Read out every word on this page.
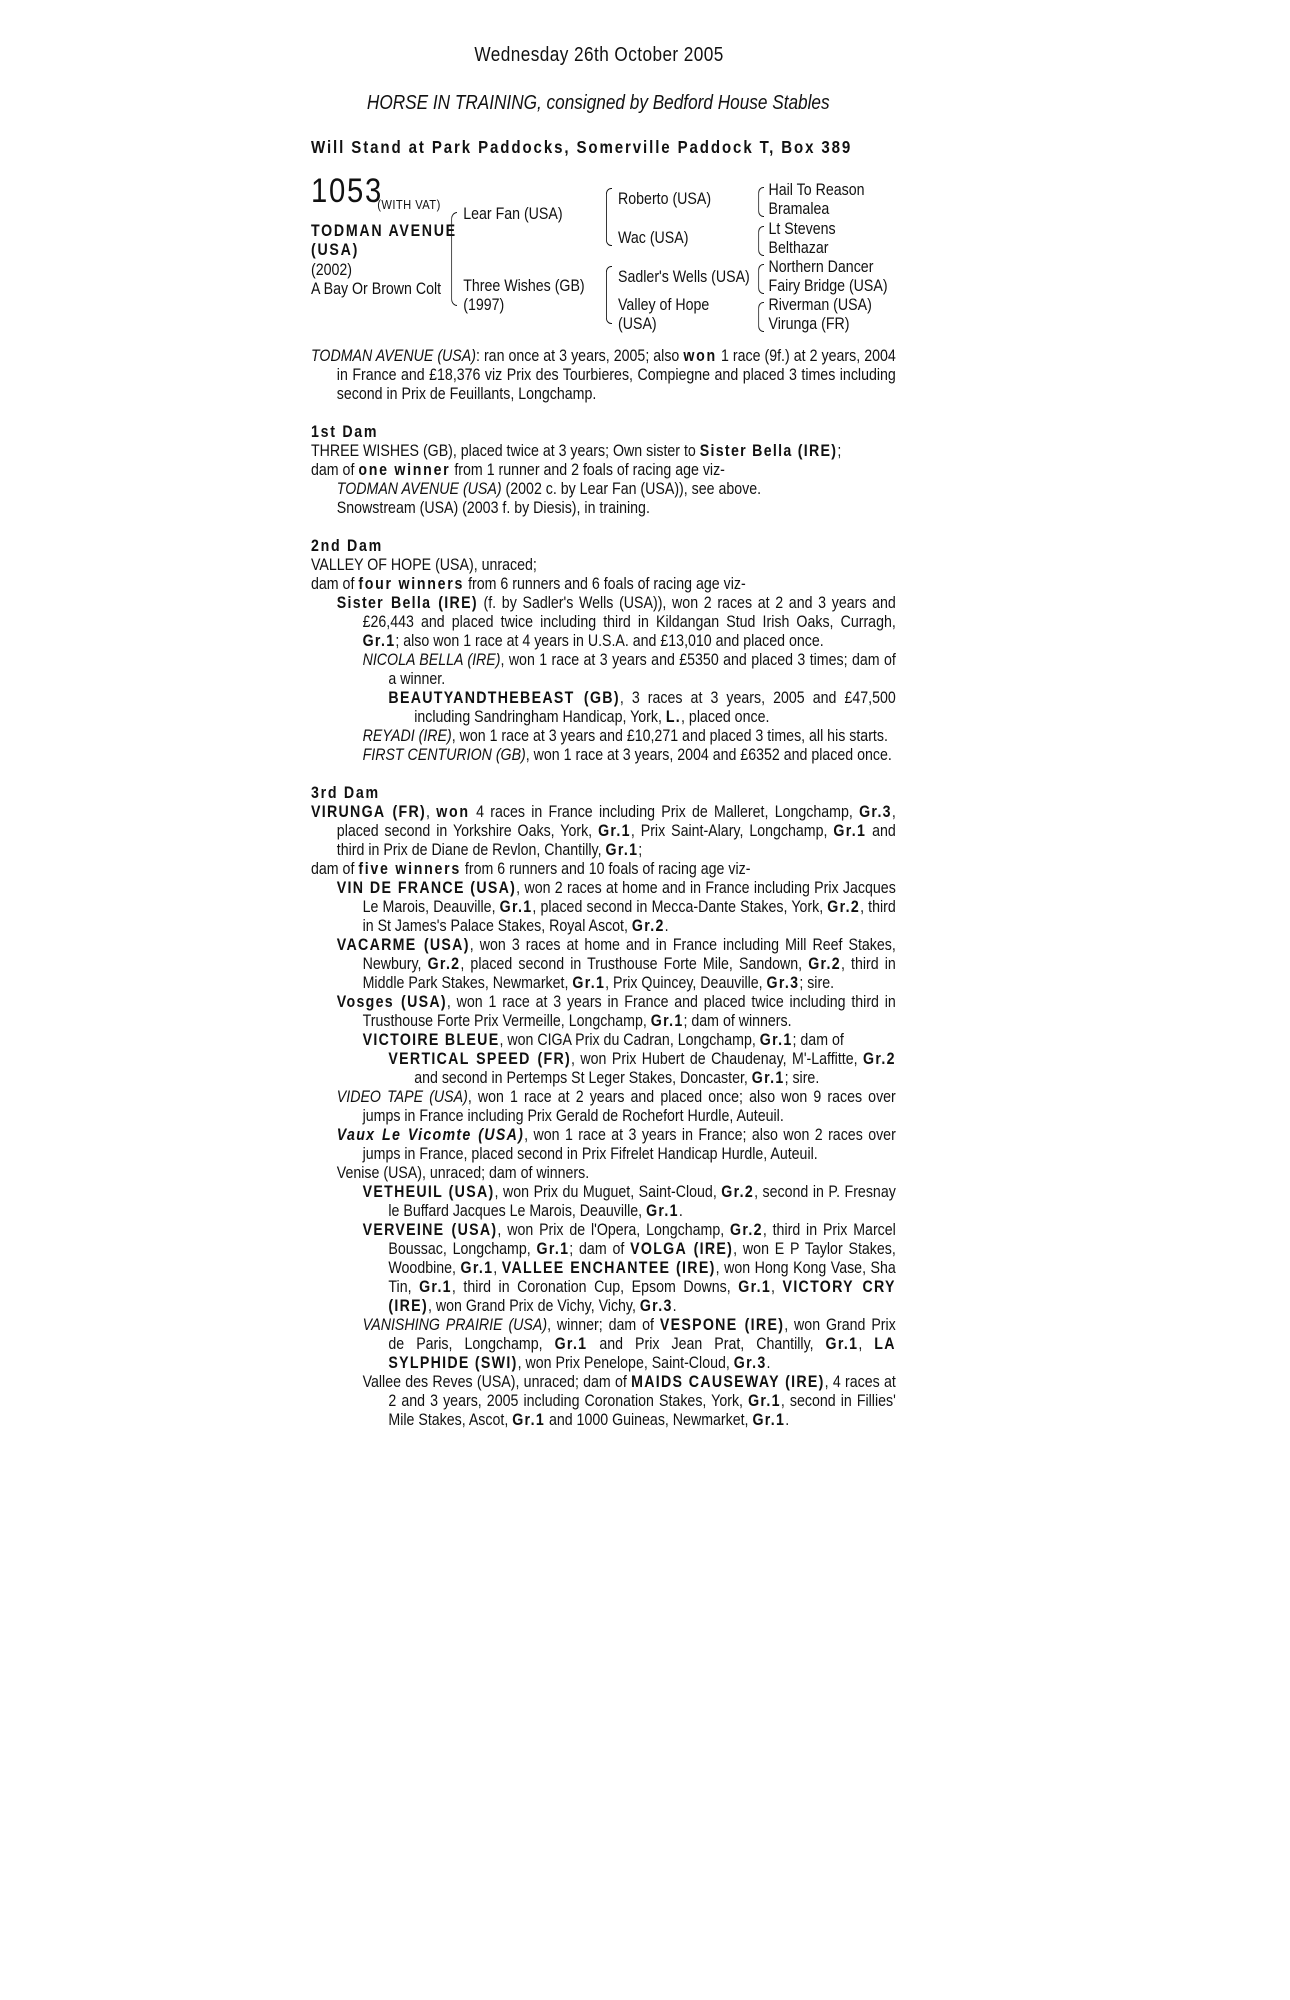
Wednesday 26th October 2005
HORSE IN TRAINING, consigned by Bedford House Stables
Will Stand at Park Paddocks, Somerville Paddock T, Box 389
1053
(WITH VAT)
TODMAN AVENUE
(USA)
(2002)
A Bay Or Brown Colt
Lear Fan (USA)
Three Wishes (GB)
(1997)
Roberto (USA)
Wac (USA)
Sadler's Wells (USA)
Valley of Hope
(USA)
Hail To Reason
Bramalea
Lt Stevens
Belthazar
Northern Dancer
Fairy Bridge (USA)
Riverman (USA)
Virunga (FR)

TODMAN AVENUE (USA): ran once at 3 years, 2005; also won 1 race (9f.) at 2 years, 2004 in France and £18,376 viz Prix des Tourbieres, Compiegne and placed 3 times including second in Prix de Feuillants, Longchamp.

1st Dam

THREE WISHES (GB), placed twice at 3 years; Own sister to Sister Bella (IRE);

dam of one winner from 1 runner and 2 foals of racing age viz-

TODMAN AVENUE (USA) (2002 c. by Lear Fan (USA)), see above.

Snowstream (USA) (2003 f. by Diesis), in training.

2nd Dam

VALLEY OF HOPE (USA), unraced;

dam of four winners from 6 runners and 6 foals of racing age viz-

Sister Bella (IRE) (f. by Sadler's Wells (USA)), won 2 races at 2 and 3 years and £26,443 and placed twice including third in Kildangan Stud Irish Oaks, Curragh, Gr.1; also won 1 race at 4 years in U.S.A. and £13,010 and placed once.

NICOLA BELLA (IRE), won 1 race at 3 years and £5350 and placed 3 times; dam of a winner.

BEAUTYANDTHEBEAST (GB), 3 races at 3 years, 2005 and £47,500 including Sandringham Handicap, York, L., placed once.

REYADI (IRE), won 1 race at 3 years and £10,271 and placed 3 times, all his starts.

FIRST CENTURION (GB), won 1 race at 3 years, 2004 and £6352 and placed once.

3rd Dam

VIRUNGA (FR), won 4 races in France including Prix de Malleret, Longchamp, Gr.3, placed second in Yorkshire Oaks, York, Gr.1, Prix Saint-Alary, Longchamp, Gr.1 and third in Prix de Diane de Revlon, Chantilly, Gr.1;

dam of five winners from 6 runners and 10 foals of racing age viz-

VIN DE FRANCE (USA), won 2 races at home and in France including Prix Jacques Le Marois, Deauville, Gr.1, placed second in Mecca-Dante Stakes, York, Gr.2, third in St James's Palace Stakes, Royal Ascot, Gr.2.

VACARME (USA), won 3 races at home and in France including Mill Reef Stakes, Newbury, Gr.2, placed second in Trusthouse Forte Mile, Sandown, Gr.2, third in Middle Park Stakes, Newmarket, Gr.1, Prix Quincey, Deauville, Gr.3; sire.

Vosges (USA), won 1 race at 3 years in France and placed twice including third in Trusthouse Forte Prix Vermeille, Longchamp, Gr.1; dam of winners.

VICTOIRE BLEUE, won CIGA Prix du Cadran, Longchamp, Gr.1; dam of

VERTICAL SPEED (FR), won Prix Hubert de Chaudenay, M'-Laffitte, Gr.2 and second in Pertemps St Leger Stakes, Doncaster, Gr.1; sire.

VIDEO TAPE (USA), won 1 race at 2 years and placed once; also won 9 races over jumps in France including Prix Gerald de Rochefort Hurdle, Auteuil.

Vaux Le Vicomte (USA), won 1 race at 3 years in France; also won 2 races over jumps in France, placed second in Prix Fifrelet Handicap Hurdle, Auteuil.

Venise (USA), unraced; dam of winners.

VETHEUIL (USA), won Prix du Muguet, Saint-Cloud, Gr.2, second in P. Fresnay le Buffard Jacques Le Marois, Deauville, Gr.1.

VERVEINE (USA), won Prix de l'Opera, Longchamp, Gr.2, third in Prix Marcel Boussac, Longchamp, Gr.1; dam of VOLGA (IRE), won E P Taylor Stakes, Woodbine, Gr.1, VALLEE ENCHANTEE (IRE), won Hong Kong Vase, Sha Tin, Gr.1, third in Coronation Cup, Epsom Downs, Gr.1, VICTORY CRY (IRE), won Grand Prix de Vichy, Vichy, Gr.3.

VANISHING PRAIRIE (USA), winner; dam of VESPONE (IRE), won Grand Prix de Paris, Longchamp, Gr.1 and Prix Jean Prat, Chantilly, Gr.1, LA SYLPHIDE (SWI), won Prix Penelope, Saint-Cloud, Gr.3.

Vallee des Reves (USA), unraced; dam of MAIDS CAUSEWAY (IRE), 4 races at 2 and 3 years, 2005 including Coronation Stakes, York, Gr.1, second in Fillies' Mile Stakes, Ascot, Gr.1 and 1000 Guineas, Newmarket, Gr.1.
